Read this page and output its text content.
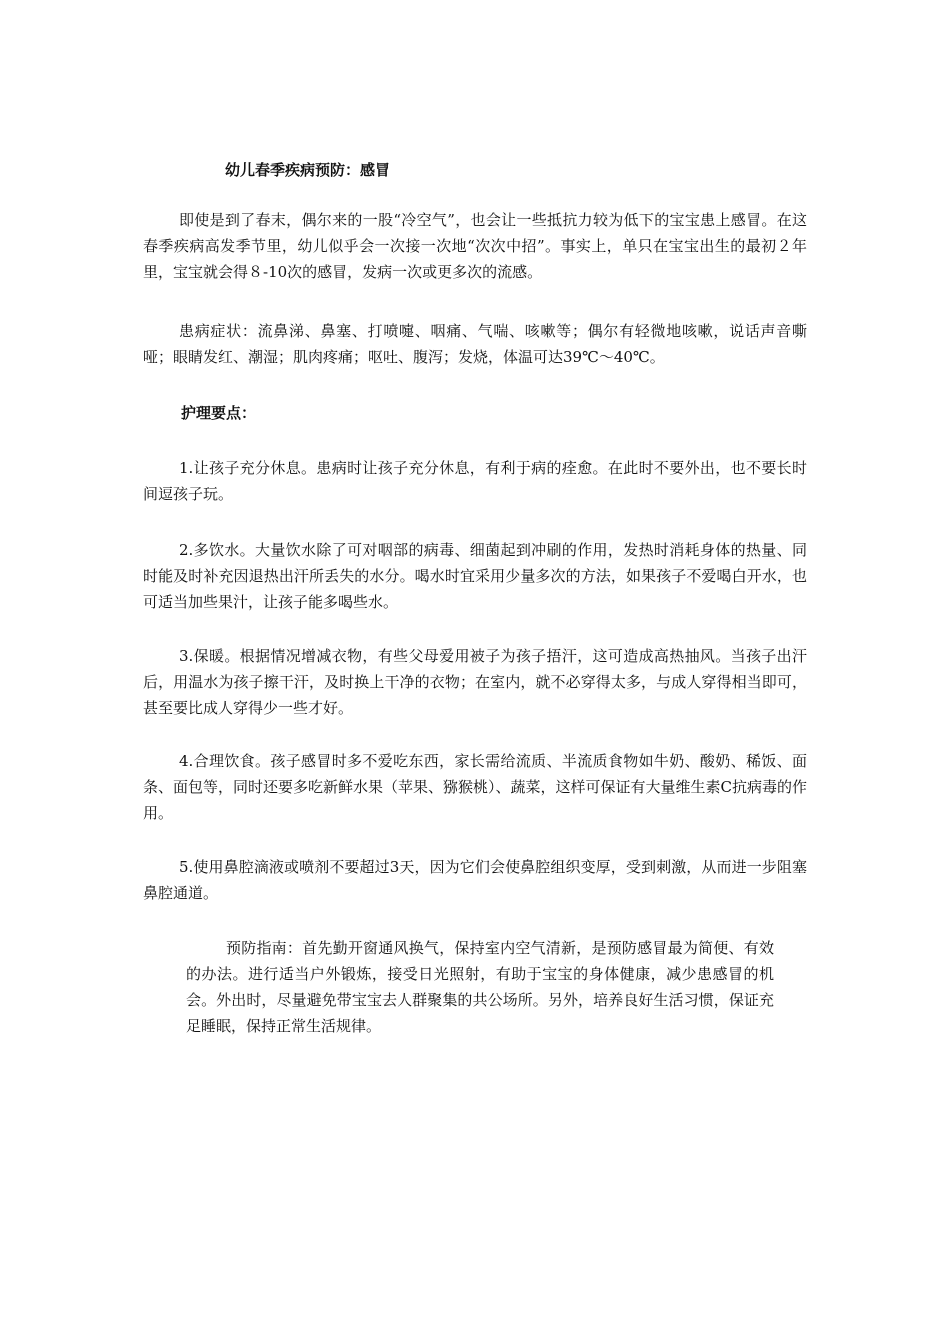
幼儿春季疾病预防：感冒

即使是到了春末，偶尔来的一股“冷空气”，也会让一些抵抗力较为低下的宝宝患上感冒。在这春季疾病高发季节里，幼儿似乎会一次接一次地“次次中招”。事实上，单只在宝宝出生的最初２年里，宝宝就会得８-10次的感冒，发病一次或更多次的流感。

患病症状：流鼻涕、鼻塞、打喷嚏、咽痛、气喘、咳嗽等；偶尔有轻微地咳嗽，说话声音嘶哑；眼睛发红、潮湿；肌肉疼痛；呕吐、腹泻；发烧，体温可达39℃～40℃。

护理要点：

1.让孩子充分休息。患病时让孩子充分休息，有利于病的痊愈。在此时不要外出，也不要长时间逗孩子玩。

2.多饮水。大量饮水除了可对咽部的病毒、细菌起到冲刷的作用，发热时消耗身体的热量、同时能及时补充因退热出汗所丢失的水分。喝水时宜采用少量多次的方法，如果孩子不爱喝白开水，也可适当加些果汁，让孩子能多喝些水。

3.保暖。根据情况增减衣物，有些父母爱用被子为孩子捂汗，这可造成高热抽风。当孩子出汗后，用温水为孩子擦干汗，及时换上干净的衣物；在室内，就不必穿得太多，与成人穿得相当即可，甚至要比成人穿得少一些才好。

4.合理饮食。孩子感冒时多不爱吃东西，家长需给流质、半流质食物如牛奶、酸奶、稀饭、面条、面包等，同时还要多吃新鲜水果（苹果、猕猴桃）、蔬菜，这样可保证有大量维生素C抗病毒的作用。

5.使用鼻腔滴液或喷剂不要超过3天，因为它们会使鼻腔组织变厚，受到刺激，从而进一步阻塞鼻腔通道。

预防指南：首先勤开窗通风换气，保持室内空气清新，是预防感冒最为简便、有效的办法。进行适当户外锻炼，接受日光照射，有助于宝宝的身体健康，减少患感冒的机会。外出时，尽量避免带宝宝去人群聚集的共公场所。另外，培养良好生活习惯，保证充足睡眠，保持正常生活规律。
